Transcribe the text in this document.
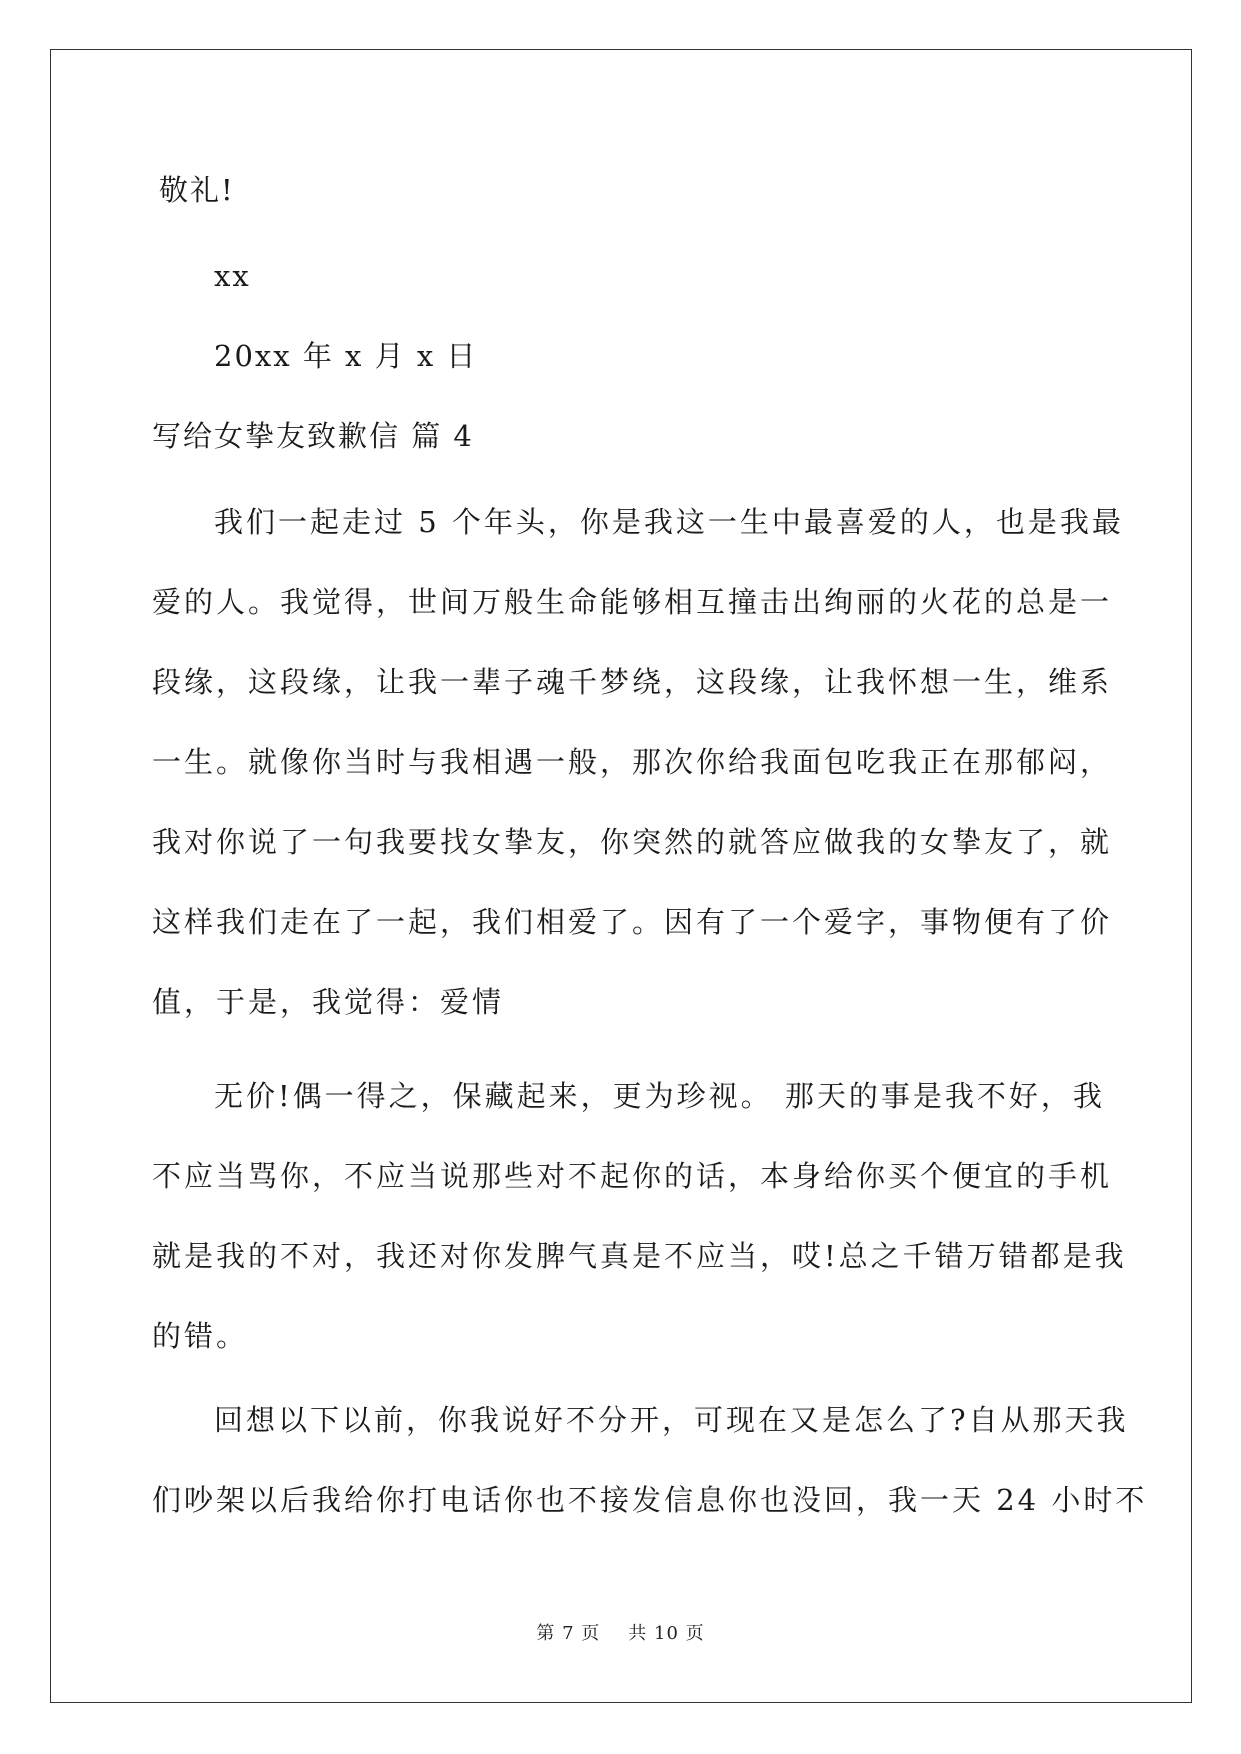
敬礼!
xx
20xx 年 x 月 x 日
写给女挚友致歉信 篇 4
我们一起走过 5 个年头，你是我这一生中最喜爱的人，也是我最
爱的人。我觉得，世间万般生命能够相互撞击出绚丽的火花的总是一
段缘，这段缘，让我一辈子魂千梦绕，这段缘，让我怀想一生，维系
一生。就像你当时与我相遇一般，那次你给我面包吃我正在那郁闷，
我对你说了一句我要找女挚友，你突然的就答应做我的女挚友了，就
这样我们走在了一起，我们相爱了。因有了一个爱字，事物便有了价
值，于是，我觉得：爱情
无价!偶一得之，保藏起来，更为珍视。 那天的事是我不好，我
不应当骂你，不应当说那些对不起你的话，本身给你买个便宜的手机
就是我的不对，我还对你发脾气真是不应当，哎!总之千错万错都是我
的错。
回想以下以前，你我说好不分开，可现在又是怎么了?自从那天我
们吵架以后我给你打电话你也不接发信息你也没回，我一天 24 小时不
第 7 页 共 10 页
